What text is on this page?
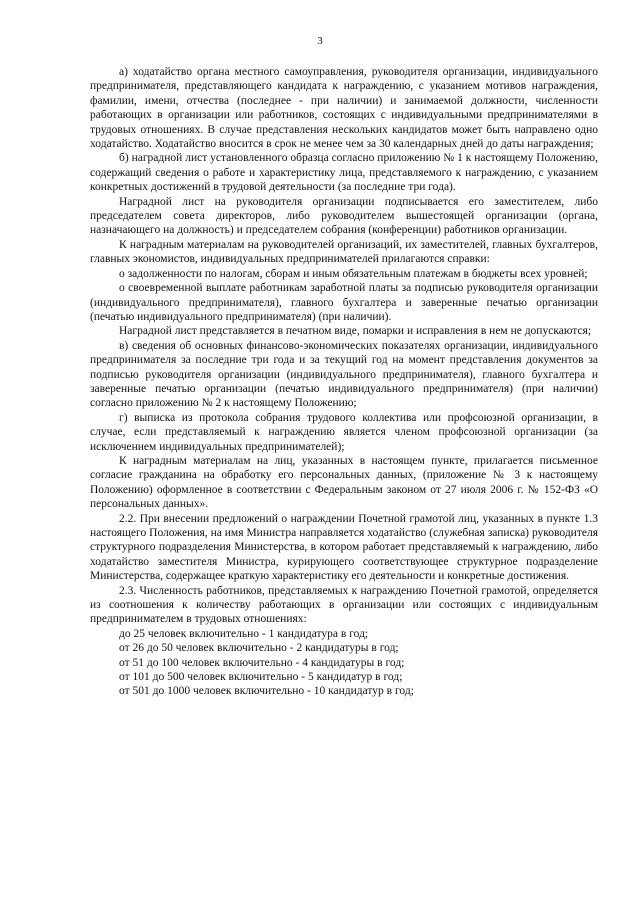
3

а) ходатайство органа местного самоуправления, руководителя организации, индивидуального предпринимателя, представляющего кандидата к награждению, с указанием мотивов награждения, фамилии, имени, отчества (последнее - при наличии) и занимаемой должности, численности работающих в организации или работников, состоящих с индивидуальными предпринимателями в трудовых отношениях. В случае представления нескольких кандидатов может быть направлено одно ходатайство. Ходатайство вносится в срок не менее чем за 30 календарных дней до даты награждения;

б) наградной лист установленного образца согласно приложению № 1 к настоящему Положению, содержащий сведения о работе и характеристику лица, представляемого к награждению, с указанием конкретных достижений в трудовой деятельности (за последние три года).

Наградной лист на руководителя организации подписывается его заместителем, либо председателем совета директоров, либо руководителем вышестоящей организации (органа, назначающего на должность) и председателем собрания (конференции) работников организации.

К наградным материалам на руководителей организаций, их заместителей, главных бухгалтеров, главных экономистов, индивидуальных предпринимателей прилагаются справки:

о задолженности по налогам, сборам и иным обязательным платежам в бюджеты всех уровней;

о своевременной выплате работникам заработной платы за подписью руководителя организации (индивидуального предпринимателя), главного бухгалтера и заверенные печатью организации (печатью индивидуального предпринимателя) (при наличии).

Наградной лист представляется в печатном виде, помарки и исправления в нем не допускаются;

в) сведения об основных финансово-экономических показателях организации, индивидуального предпринимателя за последние три года и за текущий год на момент представления документов за подписью руководителя организации (индивидуального предпринимателя), главного бухгалтера и заверенные печатью организации (печатью индивидуального предпринимателя) (при наличии) согласно приложению № 2 к настоящему Положению;

г) выписка из протокола собрания трудового коллектива или профсоюзной организации, в случае, если представляемый к награждению является членом профсоюзной организации (за исключением индивидуальных предпринимателей);

К наградным материалам на лиц, указанных в настоящем пункте, прилагается письменное согласие гражданина на обработку его персональных данных, (приложение № 3 к настоящему Положению) оформленное в соответствии с Федеральным законом от 27 июля 2006 г. № 152-ФЗ «О персональных данных».

2.2. При внесении предложений о награждении Почетной грамотой лиц, указанных в пункте 1.3 настоящего Положения, на имя Министра направляется ходатайство (служебная записка) руководителя структурного подразделения Министерства, в котором работает представляемый к награждению, либо ходатайство заместителя Министра, курирующего соответствующее структурное подразделение Министерства, содержащее краткую характеристику его деятельности и конкретные достижения.

2.3. Численность работников, представляемых к награждению Почетной грамотой, определяется из соотношения к количеству работающих в организации или состоящих с индивидуальным предпринимателем в трудовых отношениях:

до 25 человек включительно - 1 кандидатура в год;

от 26 до 50 человек включительно - 2 кандидатуры в год;

от 51 до 100 человек включительно - 4 кандидатуры в год;

от 101 до 500 человек включительно - 5 кандидатур в год;

от 501 до 1000 человек включительно - 10 кандидатур в год;
